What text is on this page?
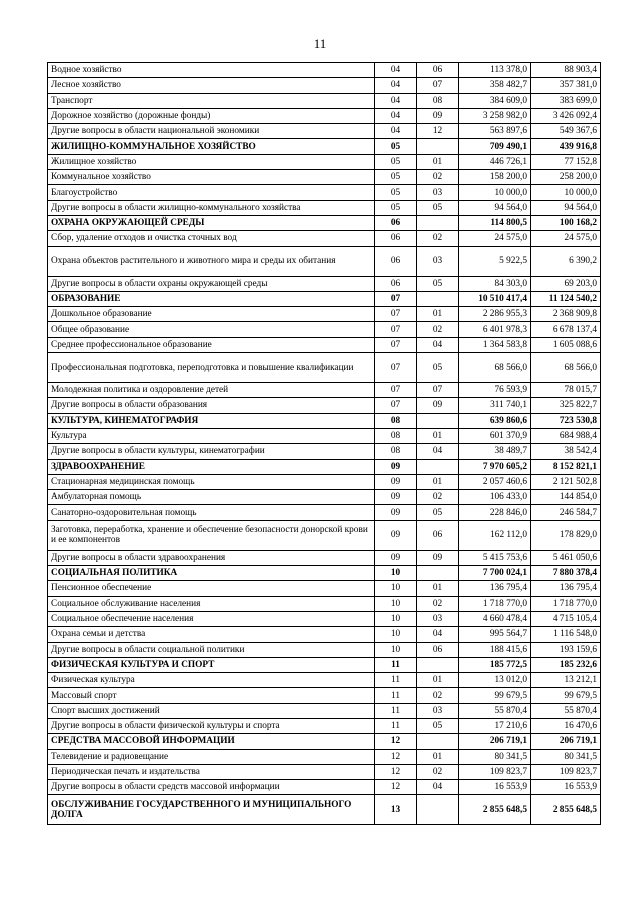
11
Водное хозяйство	04	06	113 378,0	88 903,4
Лесное хозяйство	04	07	358 482,7	357 381,0
Транспорт	04	08	384 609,0	383 699,0
Дорожное хозяйство (дорожные фонды)	04	09	3 258 982,0	3 426 092,4
Другие вопросы в области национальной экономики	04	12	563 897,6	549 367,6
ЖИЛИЩНО-КОММУНАЛЬНОЕ ХОЗЯЙСТВО	05		709 490,1	439 916,8
Жилищное хозяйство	05	01	446 726,1	77 152,8
Коммунальное хозяйство	05	02	158 200,0	258 200,0
Благоустройство	05	03	10 000,0	10 000,0
Другие вопросы в области жилищно-коммунального хозяйства	05	05	94 564,0	94 564,0
ОХРАНА ОКРУЖАЮЩЕЙ СРЕДЫ	06		114 800,5	100 168,2
Сбор, удаление отходов и очистка сточных вод	06	02	24 575,0	24 575,0
Охрана объектов растительного и животного мира и среды их обитания	06	03	5 922,5	6 390,2
Другие вопросы в области охраны окружающей среды	06	05	84 303,0	69 203,0
ОБРАЗОВАНИЕ	07		10 510 417,4	11 124 540,2
Дошкольное образование	07	01	2 286 955,3	2 368 909,8
Общее образование	07	02	6 401 978,3	6 678 137,4
Среднее профессиональное образование	07	04	1 364 583,8	1 605 088,6
Профессиональная подготовка, переподготовка и повышение квалификации	07	05	68 566,0	68 566,0
Молодежная политика и оздоровление детей	07	07	76 593,9	78 015,7
Другие вопросы в области образования	07	09	311 740,1	325 822,7
КУЛЬТУРА, КИНЕМАТОГРАФИЯ	08		639 860,6	723 530,8
Культура	08	01	601 370,9	684 988,4
Другие вопросы в области культуры, кинематографии	08	04	38 489,7	38 542,4
ЗДРАВООХРАНЕНИЕ	09		7 970 605,2	8 152 821,1
Стационарная медицинская помощь	09	01	2 057 460,6	2 121 502,8
Амбулаторная помощь	09	02	106 433,0	144 854,0
Санаторно-оздоровительная помощь	09	05	228 846,0	246 584,7
Заготовка, переработка, хранение и обеспечение безопасности донорской крови и ее компонентов	09	06	162 112,0	178 829,0
Другие вопросы в области здравоохранения	09	09	5 415 753,6	5 461 050,6
СОЦИАЛЬНАЯ ПОЛИТИКА	10		7 700 024,1	7 880 378,4
Пенсионное обеспечение	10	01	136 795,4	136 795,4
Социальное обслуживание населения	10	02	1 718 770,0	1 718 770,0
Социальное обеспечение населения	10	03	4 660 478,4	4 715 105,4
Охрана семьи и детства	10	04	995 564,7	1 116 548,0
Другие вопросы в области социальной политики	10	06	188 415,6	193 159,6
ФИЗИЧЕСКАЯ КУЛЬТУРА И СПОРТ	11		185 772,5	185 232,6
Физическая культура	11	01	13 012,0	13 212,1
Массовый спорт	11	02	99 679,5	99 679,5
Спорт высших достижений	11	03	55 870,4	55 870,4
Другие вопросы в области физической культуры и спорта	11	05	17 210,6	16 470,6
СРЕДСТВА МАССОВОЙ ИНФОРМАЦИИ	12		206 719,1	206 719,1
Телевидение и радиовещание	12	01	80 341,5	80 341,5
Периодическая печать и издательства	12	02	109 823,7	109 823,7
Другие вопросы в области средств массовой информации	12	04	16 553,9	16 553,9
ОБСЛУЖИВАНИЕ ГОСУДАРСТВЕННОГО И МУНИЦИПАЛЬНОГО ДОЛГА	13		2 855 648,5	2 855 648,5
